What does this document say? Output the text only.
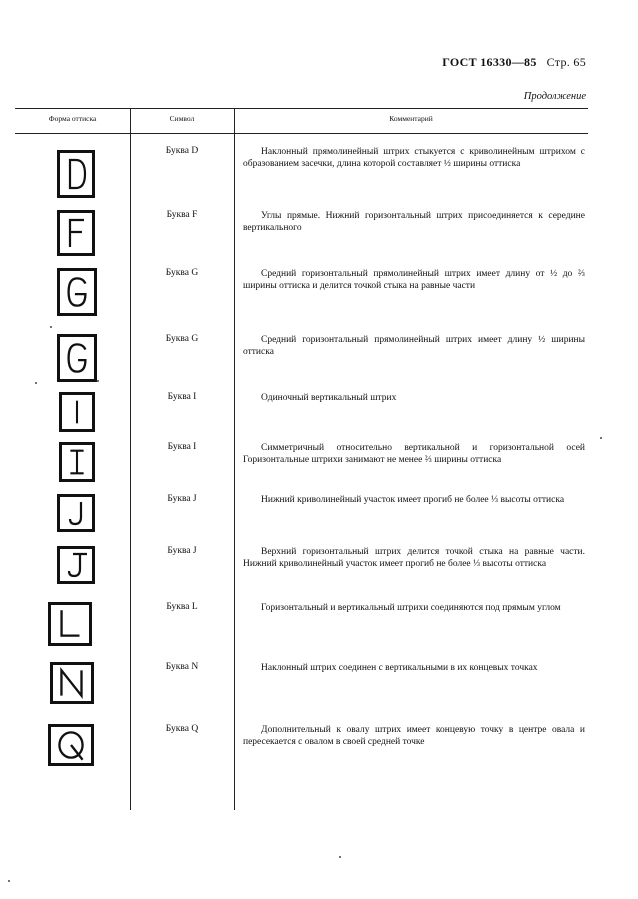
ГОСТ 16330—85 Стр. 65
Продолжение
Форма оттиска	Символ	Комментарий
Буква D	Наклонный прямолинейный штрих стыкуется с криволинейным штрихом с образованием засечки, длина которой составляет ½ ширины оттиска
Буква F	Углы прямые. Нижний горизонтальный штрих присоединяется к середине вертикального
Буква G	Средний горизонтальный прямолинейный штрих имеет длину от ½ до ⅔ ширины оттиска и делится точкой стыка на равные части
Буква G	Средний горизонтальный прямолинейный штрих имеет длину ½ ширины оттиска
Буква I	Одиночный вертикальный штрих
Буква I	Симметричный относительно вертикальной и горизонтальной осей Горизонтальные штрихи занимают не менее ⅔ ширины оттиска
Буква J	Нижний криволинейный участок имеет прогиб не более ⅓ высоты оттиска
Буква J	Верхний горизонтальный штрих делится точкой стыка на равные части. Нижний криволинейный участок имеет прогиб не более ⅓ высоты оттиска
Буква L	Горизонтальный и вертикальный штрихи соединяются под прямым углом
Буква N	Наклонный штрих соединен с вертикальными в их концевых точках
Буква Q	Дополнительный к овалу штрих имеет концевую точку в центре овала и пересекается с овалом в своей средней точке
